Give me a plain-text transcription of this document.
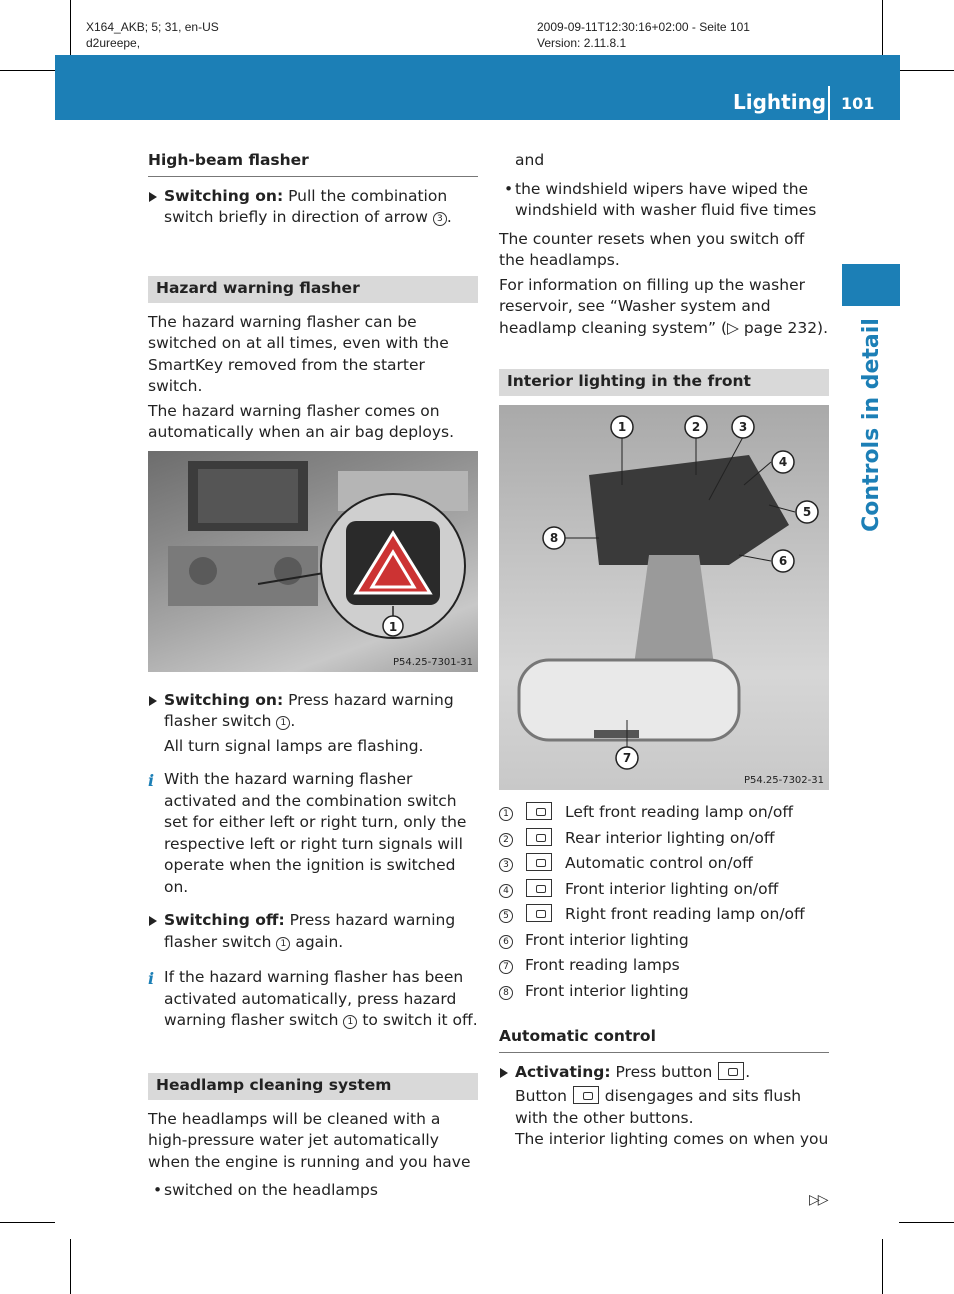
X164_AKB; 5; 31, en-US
d2ureepe,
2009-09-11T12:30:16+02:00 - Seite 101
Version: 2.11.8.1
Lighting 101
Controls in detail
High-beam flasher

Switching on: Pull the combination switch briefly in direction of arrow 3 .

Hazard warning flasher

The hazard warning flasher can be switched on at all times, even with the SmartKey removed from the starter switch.

The hazard warning flasher comes on automatically when an air bag deploys.

1
P54.25-7301-31

Switching on: Press hazard warning flasher switch 1 .

All turn signal lamps are flashing.

i With the hazard warning flasher activated and the combination switch set for either left or right turn, only the respective left or right turn signals will operate when the ignition is switched on.

Switching off: Press hazard warning flasher switch 1 again.

i If the hazard warning flasher has been activated automatically, press hazard warning flasher switch 1 to switch it off.

Headlamp cleaning system

The headlamps will be cleaned with a high-pressure water jet automatically when the engine is running and you have

• switched on the headlamps

and

• the windshield wipers have wiped the windshield with washer fluid five times

The counter resets when you switch off the headlamps.

For information on filling up the washer reservoir, see “Washer system and headlamp cleaning system” (▷ page 232).

Interior lighting in the front
1	2	3
4
5
6
7
8
P54.25-7302-31
1	Left front reading lamp on/off
2	Rear interior lighting on/off
3	Automatic control on/off
4	Front interior lighting on/off
5	Right front reading lamp on/off
6	Front interior lighting
7	Front reading lamps
8	Front interior lighting
Automatic control

Activating: Press button .

Button  disengages and sits flush with the other buttons.

The interior lighting comes on when you

▷▷
